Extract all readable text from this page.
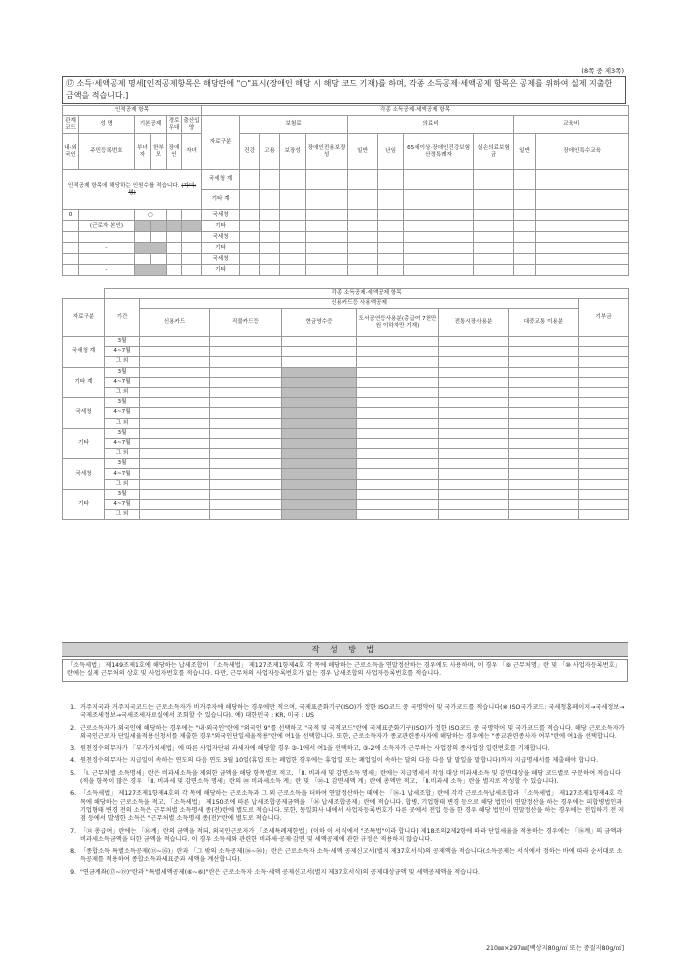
(8쪽 중 제3쪽)
⑰ 소득·세액공제 명세[인적공제항목은 해당란에 "○"표시(장애인 해당 시 해당 코드 기재)를 하며, 각종 소득공제·세액공제 항목은 공제를 위하여 실제 지출한 금액을 적습니다.]
인적공제 항목						각종 소득공제·세액공제 항목										
관계코드	성 명	기본공제		경로우대	출산입양	자료구분	보험료				의료비				교육비	
내·외국인	주민등록번호	부녀자	한부모	장애인	자녀		건강	고용	보장성	장애인전용보장성	일반	난임	65세이상·장애인건강보험산정특례자	실손의료보험금	일반	장애인특수교육
인적공제 항목에 해당하는 인원수를 적습니다. (자녀: 명)						국세청 계										
						기타 계										
0		○				국세청										
	(근로자 본인)					기타										
						국세청										
	-					기타										
						국세청										
	-					기타										
	각종 소득공제·세액공제 항목							
자료구분	기간	신용카드등 사용액공제						기부금
		신용카드	직불카드등	현금영수증	도서공연등사용분(총급여 7천만원 이하자만 기재)	전통시장사용분	대중교통 이용분	
국세청 계	3월							
	4~7월							
	그 외							
기타 계	3월							
	4~7월							
	그 외							
국세청	3월							
	4~7월							
	그 외							
기타	3월							
	4~7월							
	그 외							
국세청	3월							
	4~7월							
	그 외							
기타	3월							
	4~7월							
	그 외							
작 성 방 법
「소득세법」 제149조제1호에 해당하는 납세조합이 「소득세법」 제127조제1항제4호 각 목에 해당하는 근로소득을 연말정산하는 경우에도 사용하며, 이 경우 「⑨ 근무처명」란 및 「⑩ 사업자등록번호」란에는 실제 근무처의 상호 및 사업자번호를 적습니다. 다만, 근무처의 사업자등록번호가 없는 경우 납세조합의 사업자등록번호를 적습니다.
1. 거주지국과 거주지국코드는 근로소득자가 비거주자에 해당하는 경우에만 적으며, 국제표준화기구(ISO)가 정한 ISO코드 중 국명약어 및 국가코드를 적습니다(※ ISO국가코드: 국세청홈페이지→국세정보→국제조세정보→국세조세자료실에서 조회할 수 있습니다). 예) 대한민국 : KR, 미국 : US
2. 근로소득자가 외국인에 해당하는 경우에는 "내·외국인"란에 "외국인 9"를 선택하고 "국적 및 국적코드"란에 국제표준화기구(ISO)가 정한 ISO코드 중 국명약어 및 국가코드를 적습니다. 해당 근로소득자가 외국인근로자 단일세율적용신청서를 제출한 경우"외국인단일세율적용"란에 여1을 선택합니다. 또한, 근로소득자가 종교관련종사자에 해당하는 경우에는 "종교관련종사자 여부"란에 여1을 선택합니다.
3. 원천징수의무자가 「부가가치세법」에 따른 사업자단위 과세자에 해당할 경우 ③-1에서 여1을 선택하고, ③-2에 소득자가 근무하는 사업장의 종사업장 일련번호를 기재합니다.
4. 원천징수의무자는 지급일이 속하는 연도의 다음 연도 3월 10일(휴업 또는 폐업한 경우에는 휴업일 또는 폐업일이 속하는 달의 다음 다음 달 말일을 말합니다)까지 지급명세서를 제출해야 합니다.
5. 「Ⅰ. 근무처별 소득명세」란은 비과세소득을 제외한 금액을 해당 항목별로 적고, 「Ⅱ. 비과세 및 감면소득 명세」란에는 지급명세서 작성 대상 비과세소득 및 감면대상을 해당 코드별로 구분하여 적습니다(적을 항목이 많은 경우 「Ⅱ. 비과세 및 감면소득 명세」란의 ⑳ 비과세소득 계」란 및 「⑳-1 감면세액 계」란에 총액만 적고, 「Ⅱ.비과세 소득」란을 별지로 작성할 수 있습니다).
6. 「소득세법」 제127조제1항제4호의 각 목에 해당하는 근로소득과 그 외 근로소득을 더하여 연말정산하는 때에는 「⑯-1 납세조합」란에 각각 근로소득납세조합과 「소득세법」 제127조제1항제4호 각 목에 해당하는 근로소득을 적고, 「소득세법」 제150조에 따른 납세조합공제금액을 「⑯ 납세조합공제」란에 적습니다. 합병, 기업형태 변경 등으로 해당 법인이 연말정산을 하는 경우에는 피합병법인과 기업형태 변경 전의 소득은 근무처별 소득명세 종(전)란에 별도로 적습니다. 또한, 동일회사 내에서 사업자등록번호가 다른 곳에서 전입 등을 한 경우 해당 법인이 연말정산을 하는 경우에는 전입하기 전 지점 등에서 발생한 소득은 "근무처별 소득명세 종(전)"란에 별도로 적습니다.
7. 「⑫ 총급여」란에는 「⑯계」란의 금액을 적되, 외국인근로자가 「조세특례제한법」(이하 이 서식에서 "조특법"이라 합니다) 제18조의2제2항에 따라 단일세율을 적용하는 경우에는 「⑯계」의 금액과 비과세소득금액을 더한 금액을 적습니다. 이 경우 소득세와 관련한 비과세·공제·감면 및 세액공제에 관한 규정은 적용하지 않습니다.
8. 「종합소득 특별소득공제(⑬~㉟)」란과 「그 밖의 소득공제(㊱~㊿)」란은 근로소득자 소득·세액 공제신고서(별지 제37호서식)의 공제액을 적습니다(소득공제는 서식에서 정하는 바에 따라 순서대로 소득공제를 적용하여 종합소득과세표준과 세액을 계산합니다).
9. "연금계좌(⑰~⑲)"란과 "특별세액공제(⑥~⑥)"란은 근로소득자 소득·세액 공제신고서(별지 제37호서식)의 공제대상금액 및 세액공제액을 적습니다.
210㎜×297㎜[백상지80g/㎡ 또는 중질지80g/㎡]
